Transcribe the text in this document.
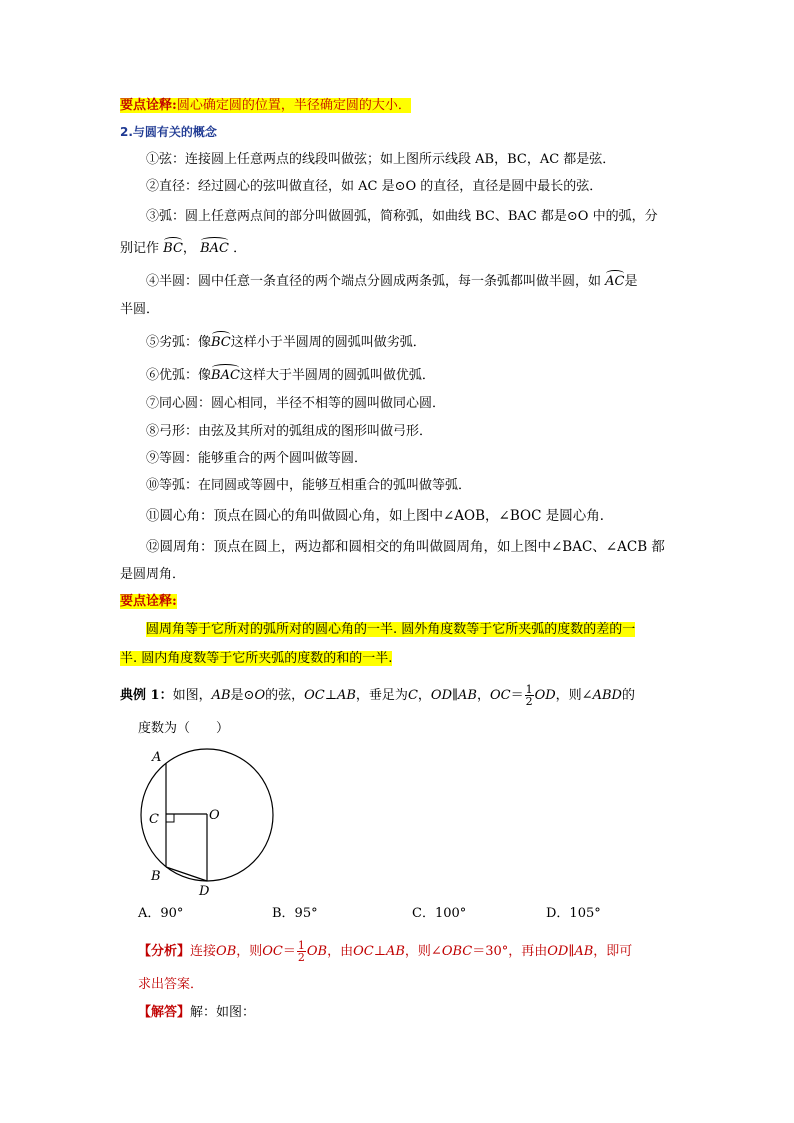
要点诠释:圆心确定圆的位置，半径确定圆的大小．
2.与圆有关的概念
①弦：连接圆上任意两点的线段叫做弦；如上图所示线段 AB，BC，AC 都是弦．
②直径：经过圆心的弦叫做直径，如 AC 是⊙O 的直径，直径是圆中最长的弦．
③弧：圆上任意两点间的部分叫做圆弧，简称弧，如曲线 BC、BAC 都是⊙O 中的弧，分
别记作 BC， BAC ．
④半圆：圆中任意一条直径的两个端点分圆成两条弧，每一条弧都叫做半圆，如 AC是
半圆．
⑤劣弧：像BC这样小于半圆周的圆弧叫做劣弧．
⑥优弧：像BAC这样大于半圆周的圆弧叫做优弧．
⑦同心圆：圆心相同，半径不相等的圆叫做同心圆．
⑧弓形：由弦及其所对的弧组成的图形叫做弓形．
⑨等圆：能够重合的两个圆叫做等圆．
⑩等弧：在同圆或等圆中，能够互相重合的弧叫做等弧．
⑪圆心角：顶点在圆心的角叫做圆心角，如上图中∠AOB，∠BOC 是圆心角．
⑫圆周角：顶点在圆上，两边都和圆相交的角叫做圆周角，如上图中∠BAC、∠ACB 都
是圆周角．
要点诠释:
圆周角等于它所对的弧所对的圆心角的一半. 圆外角度数等于它所夹弧的度数的差的一
半. 圆内角度数等于它所夹弧的度数的和的一半.
典例 1：如图，AB是⊙O的弦，OC⊥AB，垂足为C，OD∥AB，$OC= \frac{1}{2}$ OD，则∠ABD的
度数为（　　）
A
C	O
B
D
A．90°	B．95°	C．100°	D．105°
【分析】连接OB，则$OC= \frac{1}{2}$ OB，由OC⊥AB，则∠OBC＝30°，再由OD∥AB，即可
求出答案．
【解答】解：如图：
